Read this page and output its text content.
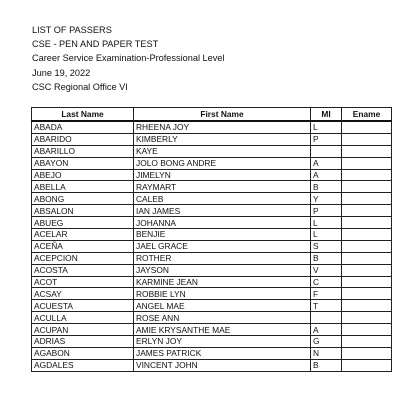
LIST OF PASSERS
CSE - PEN AND PAPER TEST
Career Service Examination-Professional Level
June 19, 2022
CSC Regional Office VI
Last Name	First Name	MI	Ename
ABADA	RHEENA JOY	L	
ABARIDO	KIMBERLY	P	
ABARILLO	KAYE		
ABAYON	JOLO BONG ANDRE	A	
ABEJO	JIMELYN	A	
ABELLA	RAYMART	B	
ABONG	CALEB	Y	
ABSALON	IAN JAMES	P	
ABUEG	JOHANNA	L	
ACELAR	BENJIE	L	
ACEÑA	JAEL GRACE	S	
ACEPCION	ROTHER	B	
ACOSTA	JAYSON	V	
ACOT	KARMINE JEAN	C	
ACSAY	ROBBIE LYN	F	
ACUESTA	ANGEL MAE	T	
ACULLA	ROSE ANN		
ACUPAN	AMIE KRYSANTHE MAE	A	
ADRIAS	ERLYN JOY	G	
AGABON	JAMES PATRICK	N	
AGDALES	VINCENT JOHN	B	
